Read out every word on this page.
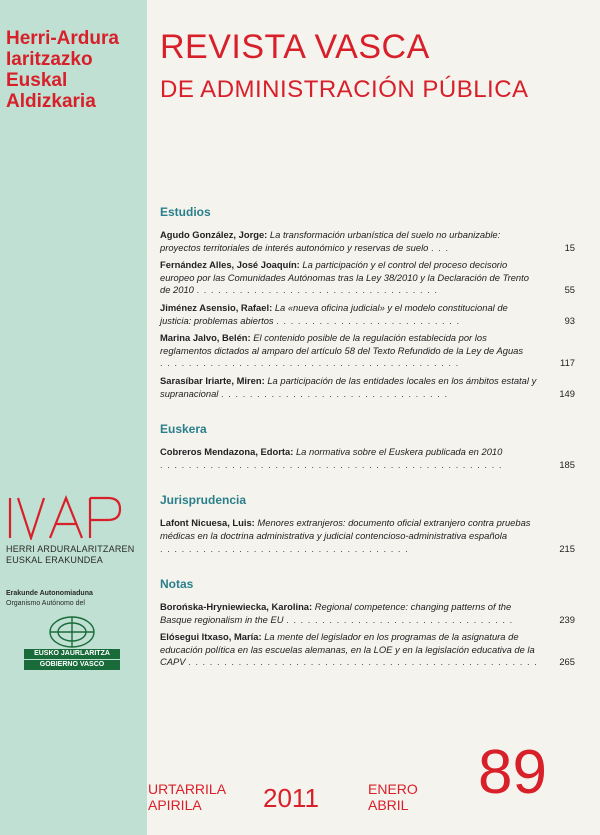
Herri-Ardura
Iaritzazko
Euskal
Aldizkaria
HERRI ARDURALARITZAREN
EUSKAL ERAKUNDEA
Erakunde Autonomiaduna
Organismo Autónomo del
EUSKO JAURLARITZA
GOBIERNO VASCO
REVISTA VASCA
DE ADMINISTRACIÓN PÚBLICA
Estudios
Agudo González, Jorge: La transformación urbanística del suelo no urbanizable: proyectos territoriales de interés autonómico y reservas de suelo . . .	15
Fernández Alles, José Joaquín: La participación y el control del proceso decisorio europeo por las Comunidades Autónomas tras la Ley 38/2010 y la Declaración de Trento de 2010 . . . . . . . . . . . . . . . . . . . . . . . . . . . . . . . . . .	55
Jiménez Asensio, Rafael: La «nueva oficina judicial» y el modelo constitucional de justicia: problemas abiertos . . . . . . . . . . . . . . . . . . . . . . . . . .	93
Marina Jalvo, Belén: El contenido posible de la regulación establecida por los reglamentos dictados al amparo del artículo 58 del Texto Refundido de la Ley de Aguas . . . . . . . . . . . . . . . . . . . . . . . . . . . . . . . . . . . . . . . . . .	117
Sarasíbar Iriarte, Miren: La participación de las entidades locales en los ámbitos estatal y supranacional . . . . . . . . . . . . . . . . . . . . . . . . . . . . . . . .	149
Euskera
Cobreros Mendazona, Edorta: La normativa sobre el Euskera publicada en 2010 . . . . . . . . . . . . . . . . . . . . . . . . . . . . . . . . . . . . . . . . . . . . . . . .	185
Jurisprudencia
Lafont Nicuesa, Luis: Menores extranjeros: documento oficial extranjero contra pruebas médicas en la doctrina administrativa y judicial contencioso-administrativa española . . . . . . . . . . . . . . . . . . . . . . . . . . . . . . . . . . .	215
Notas
Borońska-Hryniewiecka, Karolina: Regional competence: changing patterns of the Basque regionalism in the EU . . . . . . . . . . . . . . . . . . . . . . . . . . . . . . . .	239
Elósegui Itxaso, María: La mente del legislador en los programas de la asignatura de educación política en las escuelas alemanas, en la LOE y en la legislación educativa de la CAPV . . . . . . . . . . . . . . . . . . . . . . . . . . . . . . . . . . . . . . . . . . . . . . . . . 265
URTARRILA
APIRILA	2011	ENERO
ABRIL 89
